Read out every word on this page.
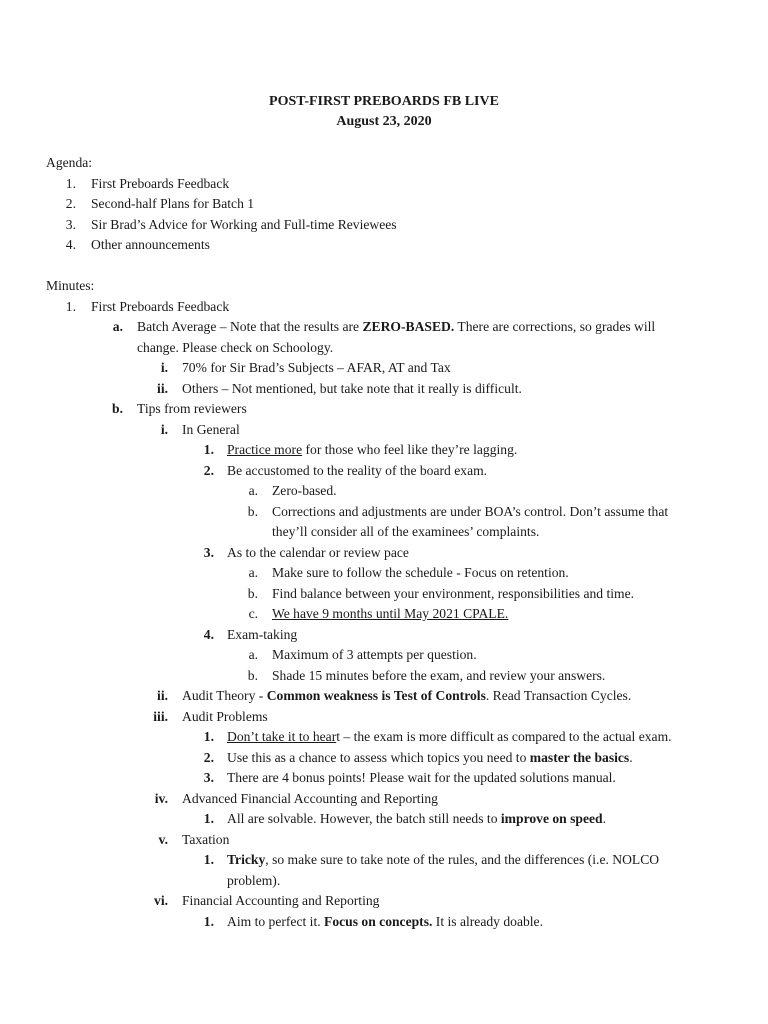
POST-FIRST PREBOARDS FB LIVE
August 23, 2020
Agenda:
1. First Preboards Feedback
2. Second-half Plans for Batch 1
3. Sir Brad’s Advice for Working and Full-time Reviewees
4. Other announcements
Minutes:
1. First Preboards Feedback
a. Batch Average – Note that the results are ZERO-BASED. There are corrections, so grades will
change. Please check on Schoology.
i. 70% for Sir Brad’s Subjects – AFAR, AT and Tax
ii. Others – Not mentioned, but take note that it really is difficult.
b. Tips from reviewers
i. In General
1. Practice more for those who feel like they’re lagging.
2. Be accustomed to the reality of the board exam.
a. Zero-based.
b. Corrections and adjustments are under BOA’s control. Don’t assume that
they’ll consider all of the examinees’ complaints.
3. As to the calendar or review pace
a. Make sure to follow the schedule - Focus on retention.
b. Find balance between your environment, responsibilities and time.
c. We have 9 months until May 2021 CPALE.
4. Exam-taking
a. Maximum of 3 attempts per question.
b. Shade 15 minutes before the exam, and review your answers.
ii. Audit Theory - Common weakness is Test of Controls. Read Transaction Cycles.
iii. Audit Problems
1. Don’t take it to heart – the exam is more difficult as compared to the actual exam.
2. Use this as a chance to assess which topics you need to master the basics.
3. There are 4 bonus points! Please wait for the updated solutions manual.
iv. Advanced Financial Accounting and Reporting
1. All are solvable. However, the batch still needs to improve on speed.
v. Taxation
1. Tricky, so make sure to take note of the rules, and the differences (i.e. NOLCO
problem).
vi. Financial Accounting and Reporting
1. Aim to perfect it. Focus on concepts. It is already doable.
